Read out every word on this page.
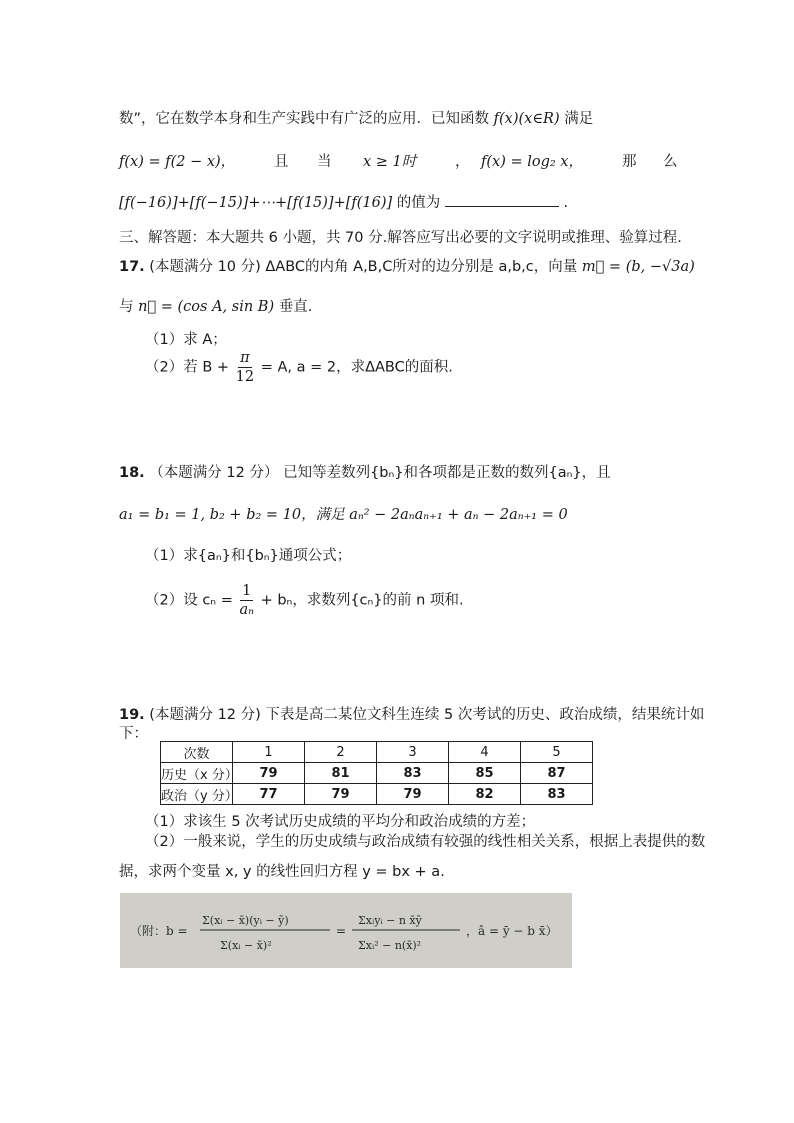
数”，它在数学本身和生产实践中有广泛的应用．已知函数 f(x)(x∈R) 满足
f(x) = f(2 − x)，	且 当 x ≥ 1时	， f(x) = log₂ x，	那 么
[f(−16)]+[f(−15)]+⋯+[f(15)]+[f(16)] 的值为	.
三、解答题：本大题共 6 小题，共 70 分.解答应写出必要的文字说明或推理、验算过程.
17. (本题满分 10 分) ΔABC的内角 A,B,C所对的边分别是 a,b,c，向量 m⃗ = (b, −√3a)
与 n⃗ = (cos A, sin B) 垂直.
（1）求 A；
（2）若 $B + \frac{\pi}{12} = A$, a = 2，求ΔABC的面积.
18. （本题满分 12 分） 已知等差数列{bₙ}和各项都是正数的数列{aₙ}，且
a₁ = b₁ = 1, b₂ + b₂ = 10，满足 aₙ² − 2aₙaₙ₊₁ + aₙ − 2aₙ₊₁ = 0
（1）求{aₙ}和{bₙ}通项公式；
（2）设 $c_n = \frac{1}{\text{aₙ}} + b_n$，求数列{cₙ}的前 n 项和.
19. (本题满分 12 分) 下表是高二某位文科生连续 5 次考试的历史、政治成绩，结果统计如
下：
次数	1	2	3	4	5
历史（x 分）	79	81	83	85	87
政治（y 分）	77	79	79	82	83
（1）求该生 5 次考试历史成绩的平均分和政治成绩的方差；
（2）一般来说，学生的历史成绩与政治成绩有较强的线性相关关系，根据上表提供的数
据，求两个变量 x, y 的线性回归方程 y = bx + a.
（附：b =
Σ(xᵢ − x̄)(yᵢ − ȳ)
Σ(xᵢ − x̄)²
=
Σxᵢyᵢ − n x̄ȳ
Σxᵢ² − n(x̄)²
，â = ȳ − b x̄）
